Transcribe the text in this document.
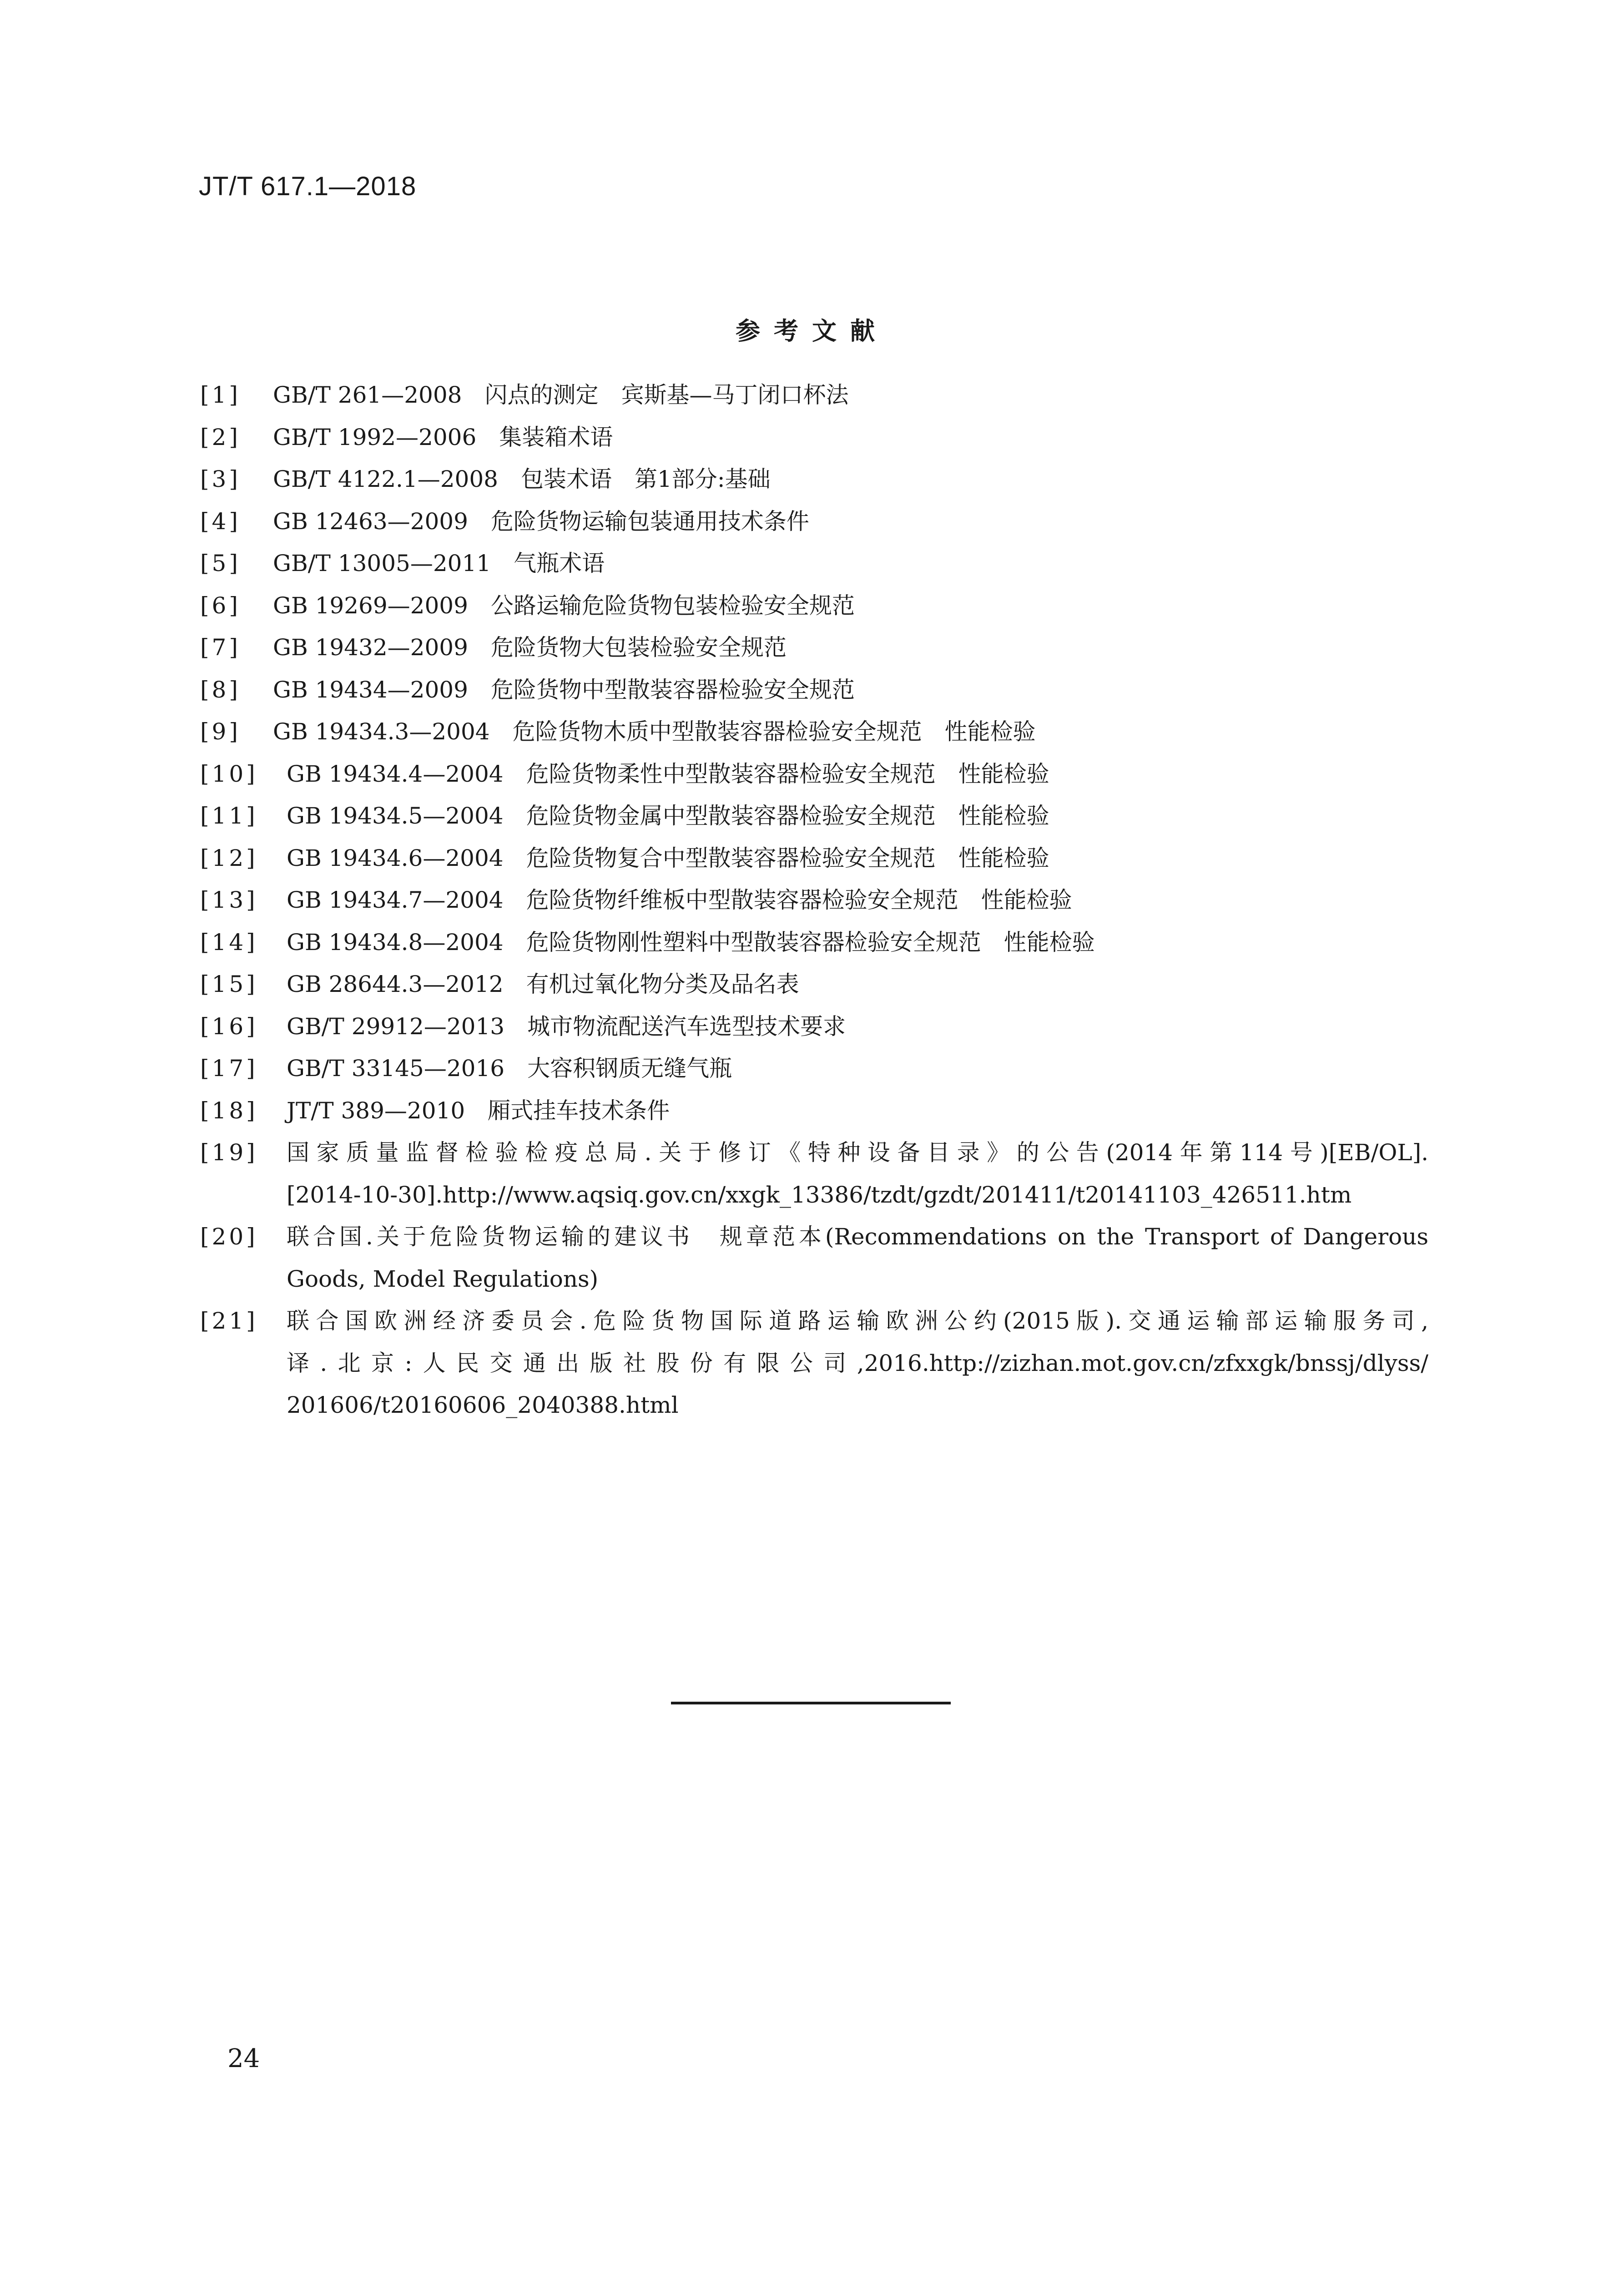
JT/T 617.1—2018
参考文献
[1]	GB/T 261—2008　闪点的测定　宾斯基—马丁闭口杯法
[2]	GB/T 1992—2006　集装箱术语
[3]	GB/T 4122.1—2008　包装术语　第1部分:基础
[4]	GB 12463—2009　危险货物运输包装通用技术条件
[5]	GB/T 13005—2011　气瓶术语
[6]	GB 19269—2009　公路运输危险货物包装检验安全规范
[7]	GB 19432—2009　危险货物大包装检验安全规范
[8]	GB 19434—2009　危险货物中型散装容器检验安全规范
[9]	GB 19434.3—2004　危险货物木质中型散装容器检验安全规范　性能检验
[10]	GB 19434.4—2004　危险货物柔性中型散装容器检验安全规范　性能检验
[11]	GB 19434.5—2004　危险货物金属中型散装容器检验安全规范　性能检验
[12]	GB 19434.6—2004　危险货物复合中型散装容器检验安全规范　性能检验
[13]	GB 19434.7—2004　危险货物纤维板中型散装容器检验安全规范　性能检验
[14]	GB 19434.8—2004　危险货物刚性塑料中型散装容器检验安全规范　性能检验
[15]	GB 28644.3—2012　有机过氧化物分类及品名表
[16]	GB/T 29912—2013　城市物流配送汽车选型技术要求
[17]	GB/T 33145—2016　大容积钢质无缝气瓶
[18]	JT/T 389—2010　厢式挂车技术条件
[19]	国家质量监督检验检疫总局.关于修订《特种设备目录》的公告(2014年第114号)[EB/OL].
[2014-10-30].http://www.aqsiq.gov.cn/xxgk_13386/tzdt/gzdt/201411/t20141103_426511.htm
[20]	联合国.关于危险货物运输的建议书　规章范本(Recommendations on the Transport of Dangerous
Goods, Model Regulations)
[21]	联合国欧洲经济委员会.危险货物国际道路运输欧洲公约(2015版).交通运输部运输服务司,
译.北京:人民交通出版社股份有限公司,2016.http://zizhan.mot.gov.cn/zfxxgk/bnssj/dlyss/
201606/t20160606_2040388.html
24
